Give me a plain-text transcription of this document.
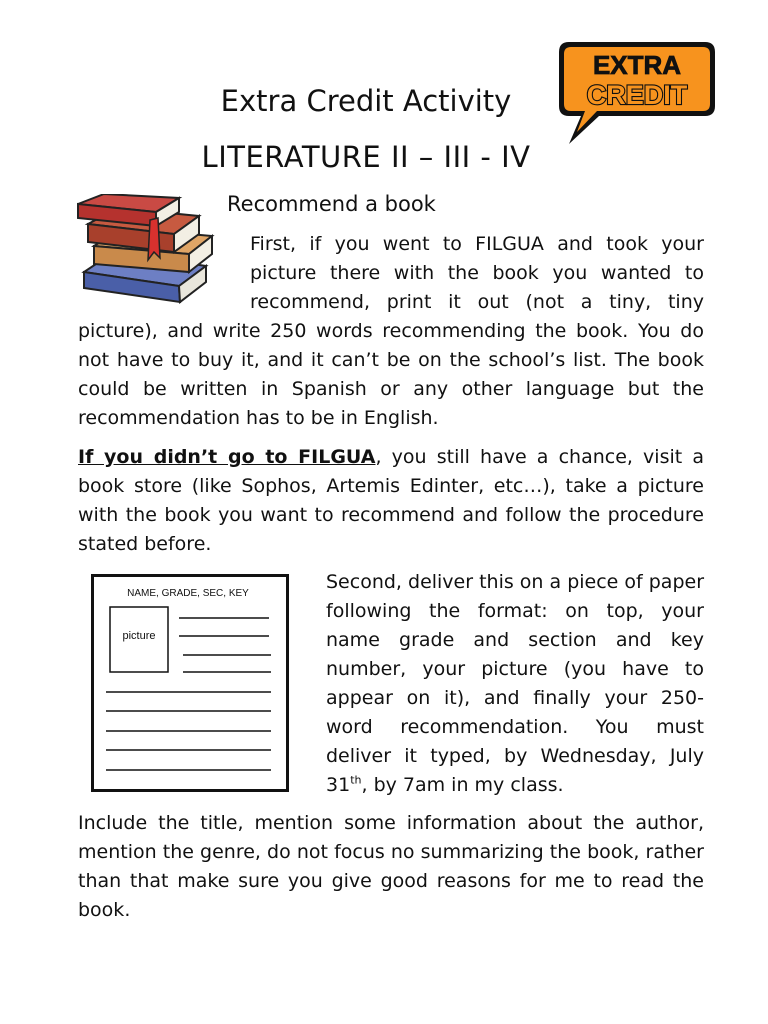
Extra Credit Activity
LITERATURE II – III - IV
EXTRA
CREDIT
Recommend a book
First, if you went to FILGUA and took your picture there with the book you wanted to recommend, print it out (not a tiny, tiny picture), and write 250 words recommending the book. You do not have to buy it, and it can’t be on the school’s list. The book could be written in Spanish or any other language but the recommendation has to be in English.

If you didn’t go to FILGUA, you still have a chance, visit a book store (like Sophos, Artemis Edinter, etc…), take a picture with the book you want to recommend and follow the procedure stated before.

NAME, GRADE, SEC, KEY
picture

Second, deliver this on a piece of paper following the format: on top, your name grade and section and key number, your picture (you have to appear on it), and finally your 250-word recommendation. You must deliver it typed, by Wednesday, July 31th, by 7am in my class.

Include the title, mention some information about the author, mention the genre, do not focus no summarizing the book, rather than that make sure you give good reasons for me to read the book.
